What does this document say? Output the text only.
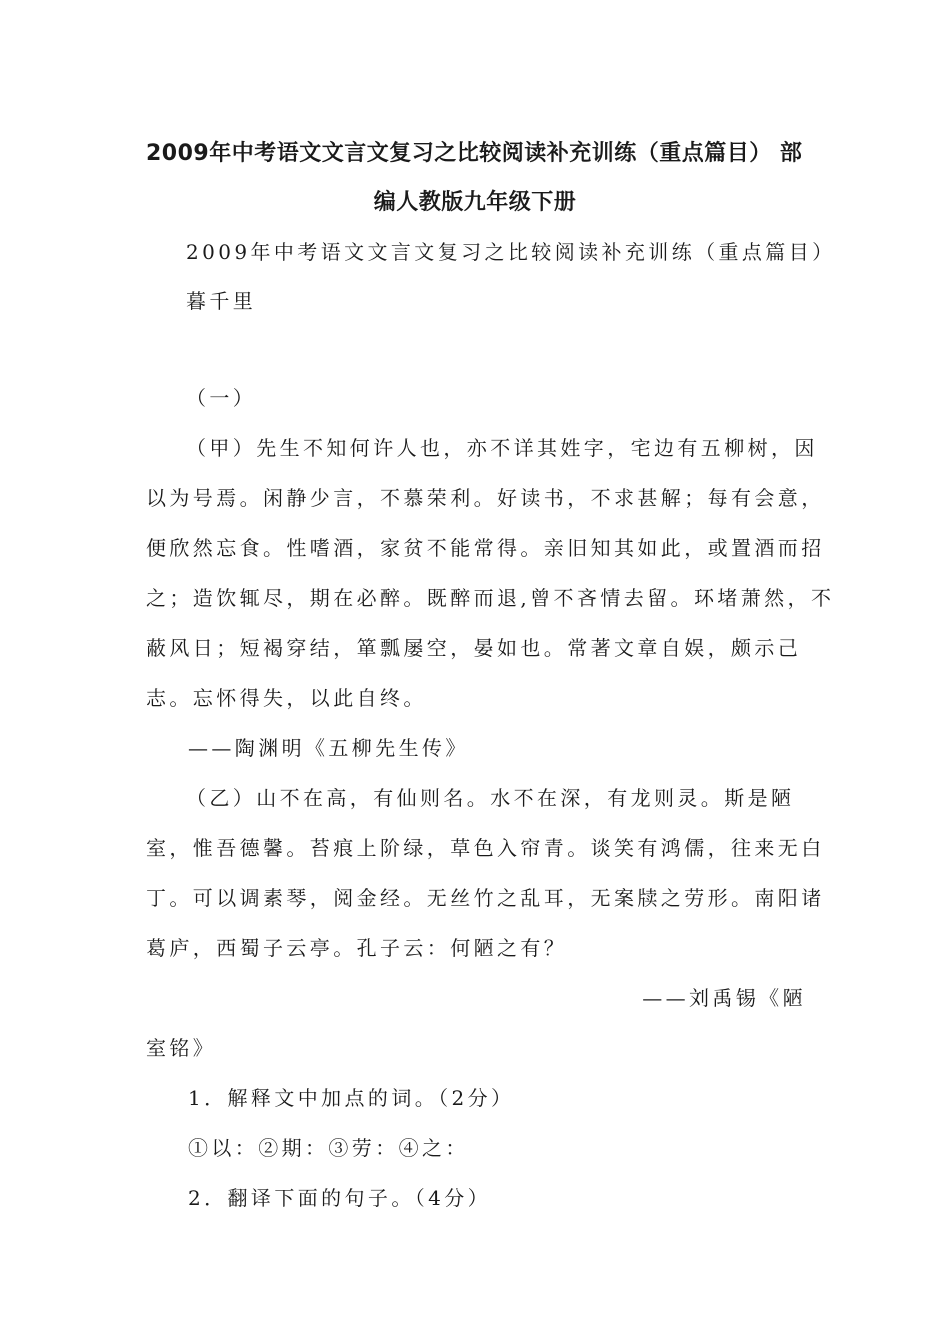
2009年中考语文文言文复习之比较阅读补充训练（重点篇目） 部
编人教版九年级下册
2009年中考语文文言文复习之比较阅读补充训练（重点篇目）
暮千里
（一）
（甲）先生不知何许人也，亦不详其姓字，宅边有五柳树，因
以为号焉。闲静少言，不慕荣利。好读书，不求甚解；每有会意，
便欣然忘食。性嗜酒，家贫不能常得。亲旧知其如此，或置酒而招
之；造饮辄尽，期在必醉。既醉而退,曾不吝情去留。环堵萧然，不
蔽风日；短褐穿结，箪瓢屡空，晏如也。常著文章自娱，颇示己
志。忘怀得失，以此自终。
——陶渊明《五柳先生传》
（乙）山不在高，有仙则名。水不在深，有龙则灵。斯是陋
室，惟吾德馨。苔痕上阶绿，草色入帘青。谈笑有鸿儒，往来无白
丁。可以调素琴，阅金经。无丝竹之乱耳，无案牍之劳形。南阳诸
葛庐，西蜀子云亭。孔子云：何陋之有？
——刘禹锡《陋
室铭》
1．解释文中加点的词。（2分）
①以：②期：③劳：④之：
2．翻译下面的句子。（4分）
